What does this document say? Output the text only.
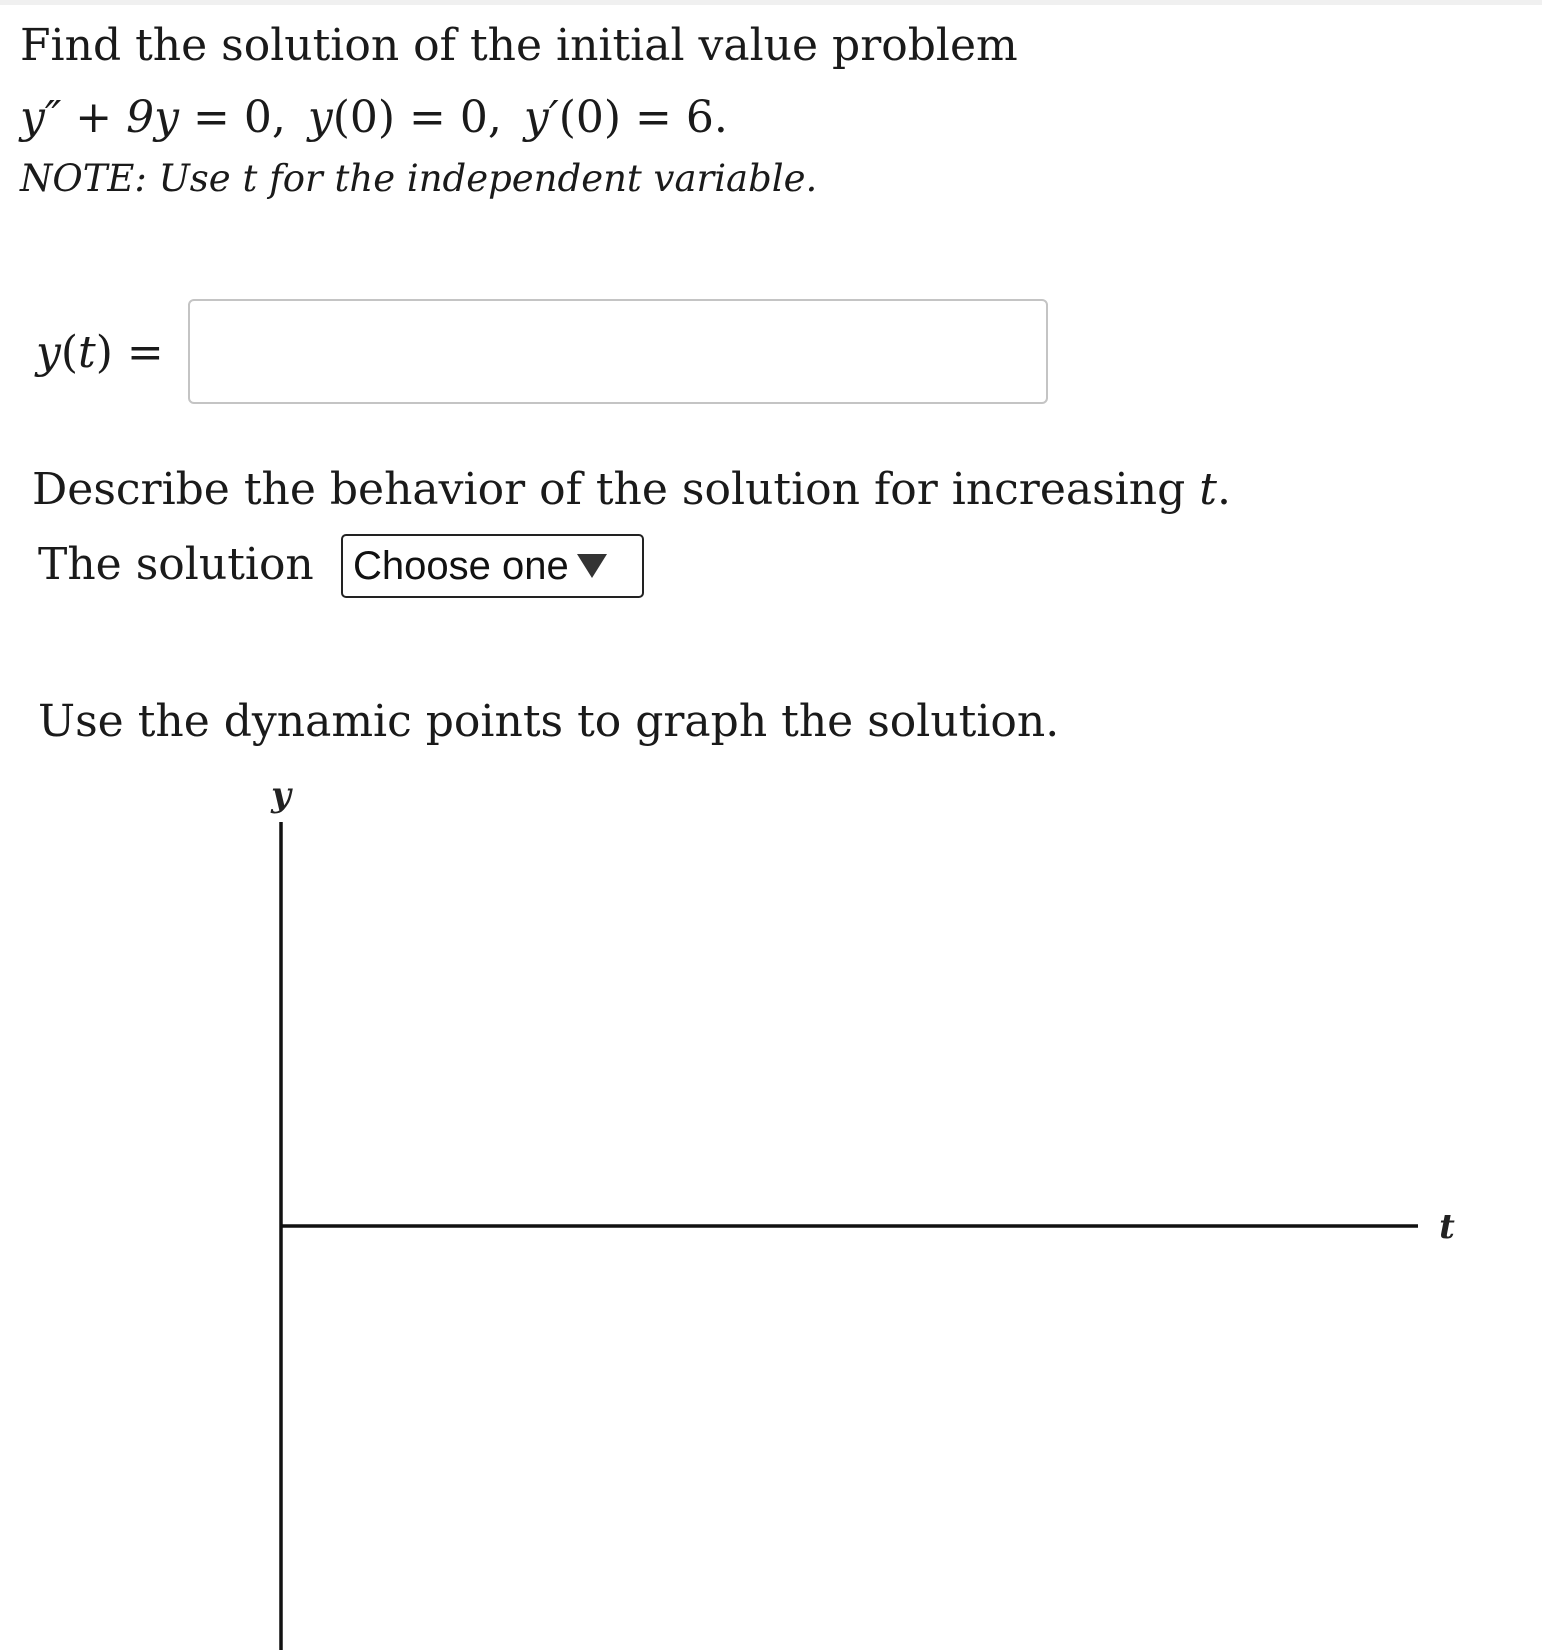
Find the solution of the initial value problem
y″ + 9y = 0, y(0) = 0, y′(0) = 6.
NOTE: Use t for the independent variable.
y(t) =
Describe the behavior of the solution for increasing t.
The solution Choose one
Use the dynamic points to graph the solution.
y
t
